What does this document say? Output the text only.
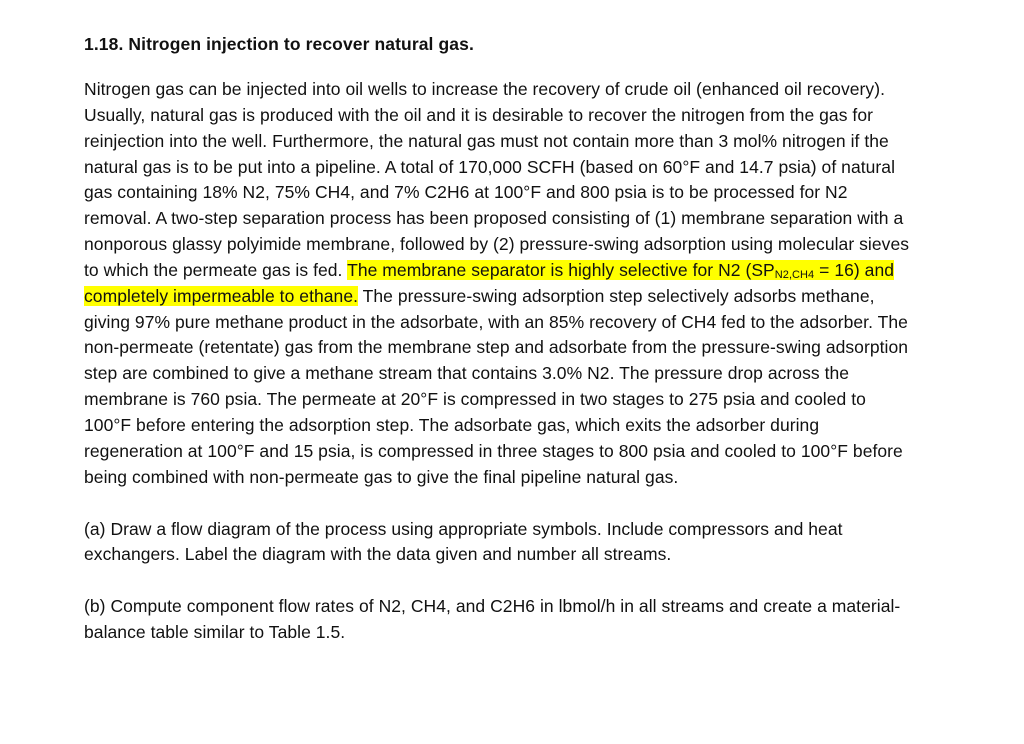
1.18. Nitrogen injection to recover natural gas.

Nitrogen gas can be injected into oil wells to increase the recovery of crude oil (enhanced oil recovery). Usually, natural gas is produced with the oil and it is desirable to recover the nitrogen from the gas for reinjection into the well. Furthermore, the natural gas must not contain more than 3 mol% nitrogen if the natural gas is to be put into a pipeline. A total of 170,000 SCFH (based on 60°F and 14.7 psia) of natural gas containing 18% N2, 75% CH4, and 7% C2H6 at 100°F and 800 psia is to be processed for N2 removal. A two-step separation process has been proposed consisting of (1) membrane separation with a nonporous glassy polyimide membrane, followed by (2) pressure-swing adsorption using molecular sieves to which the permeate gas is fed. The membrane separator is highly selective for N2 (SPN2,CH4 = 16) and completely impermeable to ethane. The pressure-swing adsorption step selectively adsorbs methane, giving 97% pure methane product in the adsorbate, with an 85% recovery of CH4 fed to the adsorber. The non-permeate (retentate) gas from the membrane step and adsorbate from the pressure-swing adsorption step are combined to give a methane stream that contains 3.0% N2. The pressure drop across the membrane is 760 psia. The permeate at 20°F is compressed in two stages to 275 psia and cooled to 100°F before entering the adsorption step. The adsorbate gas, which exits the adsorber during regeneration at 100°F and 15 psia, is compressed in three stages to 800 psia and cooled to 100°F before being combined with non-permeate gas to give the final pipeline natural gas.

(a) Draw a flow diagram of the process using appropriate symbols. Include compressors and heat exchangers. Label the diagram with the data given and number all streams.

(b) Compute component flow rates of N2, CH4, and C2H6 in lbmol/h in all streams and create a material-balance table similar to Table 1.5.
